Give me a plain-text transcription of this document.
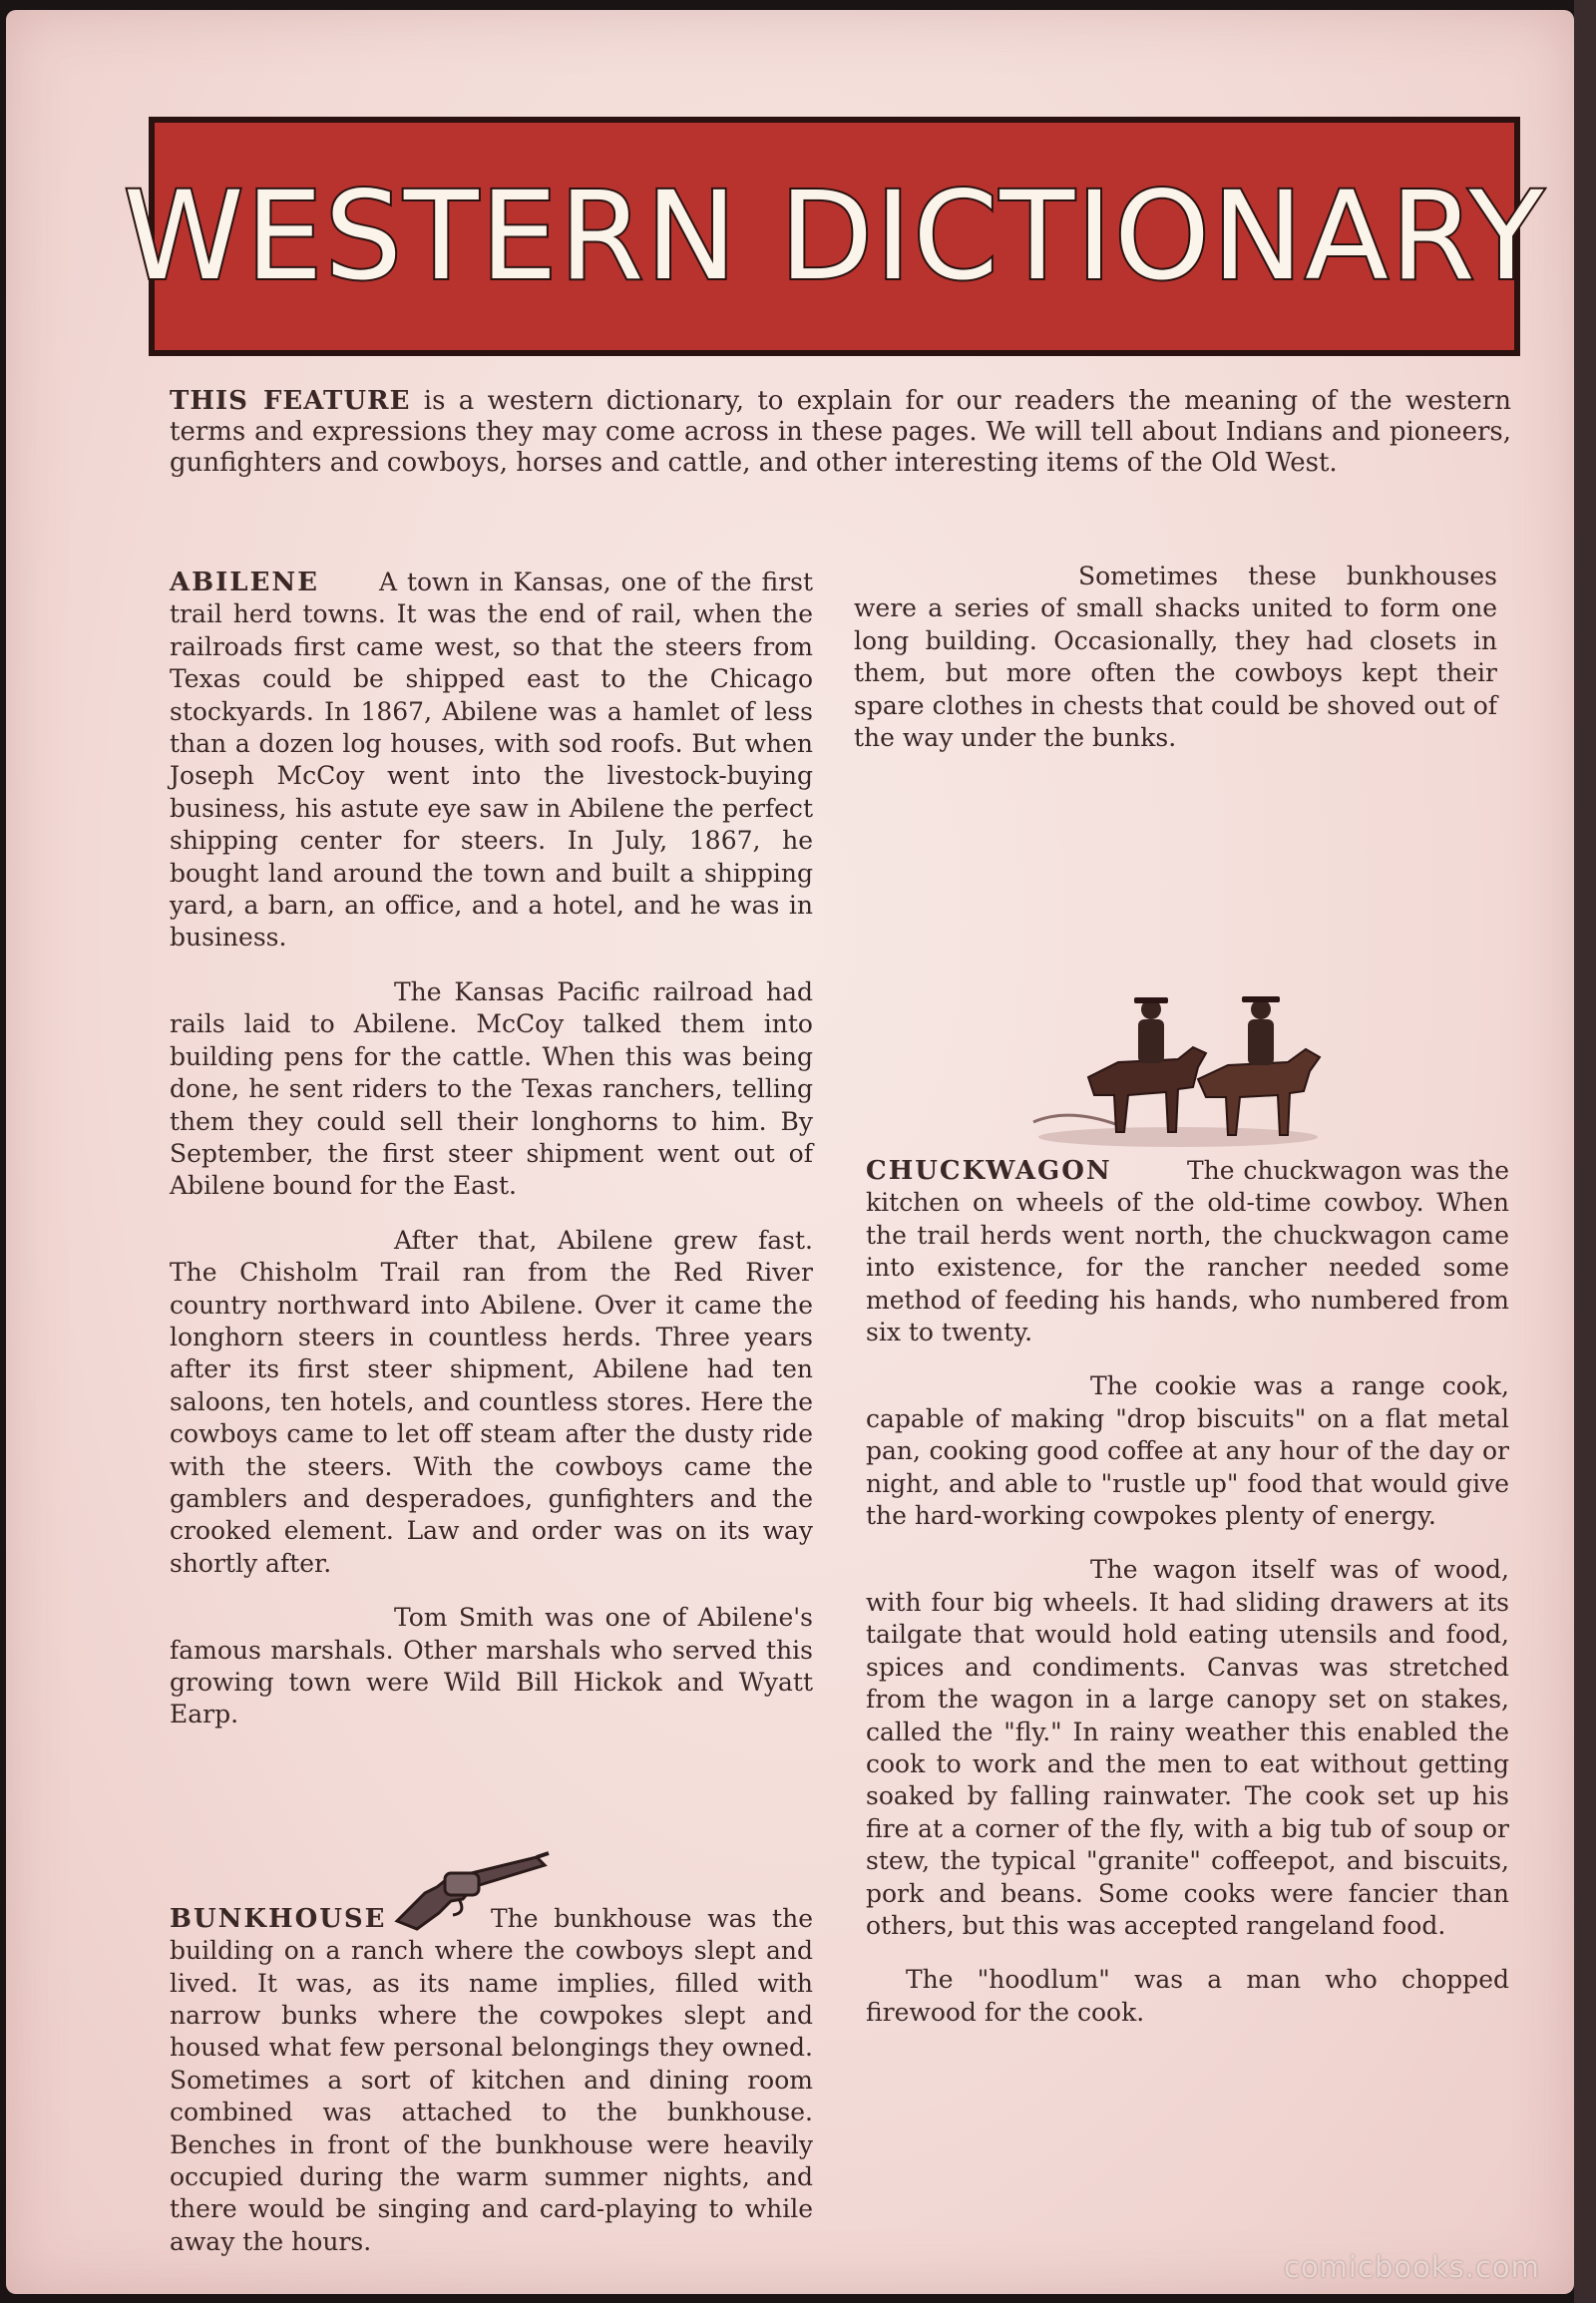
WESTERN DICTIONARY
THIS FEATURE is a western dictionary, to explain for our readers the meaning of the western terms and expressions they may come across in these pages. We will tell about Indians and pioneers, gunfighters and cowboys, horses and cattle, and other interesting items of the Old West.

ABILENE A town in Kansas, one of the first trail herd towns. It was the end of rail, when the railroads first came west, so that the steers from Texas could be shipped east to the Chicago stockyards. In 1867, Abilene was a hamlet of less than a dozen log houses, with sod roofs. But when Joseph McCoy went into the livestock-buying business, his astute eye saw in Abilene the perfect shipping center for steers. In July, 1867, he bought land around the town and built a shipping yard, a barn, an office, and a hotel, and he was in business.

The Kansas Pacific railroad had rails laid to Abilene. McCoy talked them into building pens for the cattle. When this was being done, he sent riders to the Texas ranchers, telling them they could sell their longhorns to him. By September, the first steer shipment went out of Abilene bound for the East.

After that, Abilene grew fast. The Chisholm Trail ran from the Red River country northward into Abilene. Over it came the longhorn steers in countless herds. Three years after its first steer shipment, Abilene had ten saloons, ten hotels, and countless stores. Here the cowboys came to let off steam after the dusty ride with the steers. With the cowboys came the gamblers and desperadoes, gunfighters and the crooked element. Law and order was on its way shortly after.

Tom Smith was one of Abilene's famous marshals. Other marshals who served this growing town were Wild Bill Hickok and Wyatt Earp.

BUNKHOUSE	The bunkhouse was the building on a ranch where the cowboys slept and lived. It was, as its name implies, filled with narrow bunks where the cowpokes slept and housed what few personal belongings they owned. Sometimes a sort of kitchen and dining room combined was attached to the bunkhouse. Benches in front of the bunkhouse were heavily occupied during the warm summer nights, and there would be singing and card-playing to while away the hours.

Sometimes these bunkhouses were a series of small shacks united to form one long building. Occasionally, they had closets in them, but more often the cowboys kept their spare clothes in chests that could be shoved out of the way under the bunks.

CHUCKWAGON	The chuckwagon was the kitchen on wheels of the old-time cowboy. When the trail herds went north, the chuckwagon came into existence, for the rancher needed some method of feeding his hands, who numbered from six to twenty.

The cookie was a range cook, capable of making "drop biscuits" on a flat metal pan, cooking good coffee at any hour of the day or night, and able to "rustle up" food that would give the hard-working cowpokes plenty of energy.

The wagon itself was of wood, with four big wheels. It had sliding drawers at its tailgate that would hold eating utensils and food, spices and condiments. Canvas was stretched from the wagon in a large canopy set on stakes, called the "fly." In rainy weather this enabled the cook to work and the men to eat without getting soaked by falling rainwater. The cook set up his fire at a corner of the fly, with a big tub of soup or stew, the typical "granite" coffeepot, and biscuits, pork and beans. Some cooks were fancier than others, but this was accepted rangeland food.

The "hoodlum" was a man who chopped firewood for the cook.

comicbooks.com
